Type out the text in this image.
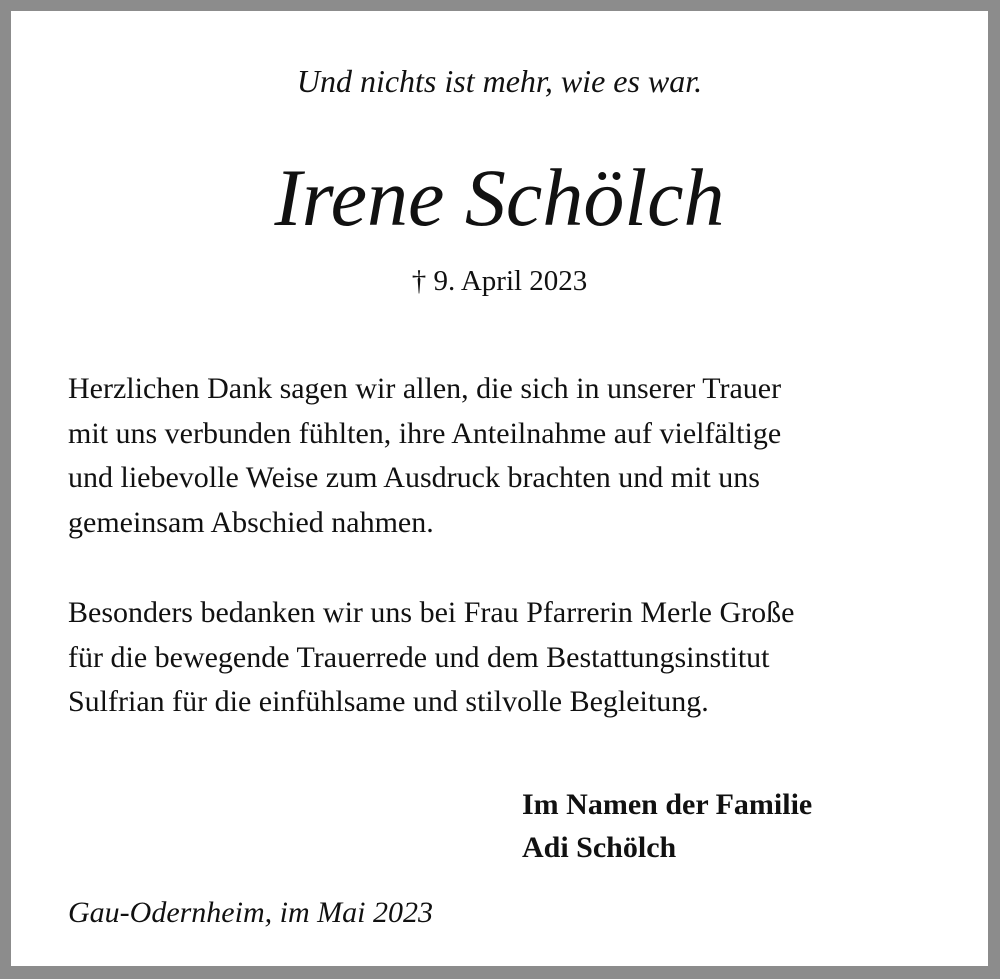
Und nichts ist mehr, wie es war.
Irene Schölch
† 9. April 2023
Herzlichen Dank sagen wir allen, die sich in unserer Trauer
mit uns verbunden fühlten, ihre Anteilnahme auf vielfältige
und liebevolle Weise zum Ausdruck brachten und mit uns
gemeinsam Abschied nahmen.
Besonders bedanken wir uns bei Frau Pfarrerin Merle Große
für die bewegende Trauerrede und dem Bestattungsinstitut
Sulfrian für die einfühlsame und stilvolle Begleitung.
Im Namen der Familie
Adi Schölch
Gau-Odernheim, im Mai 2023
